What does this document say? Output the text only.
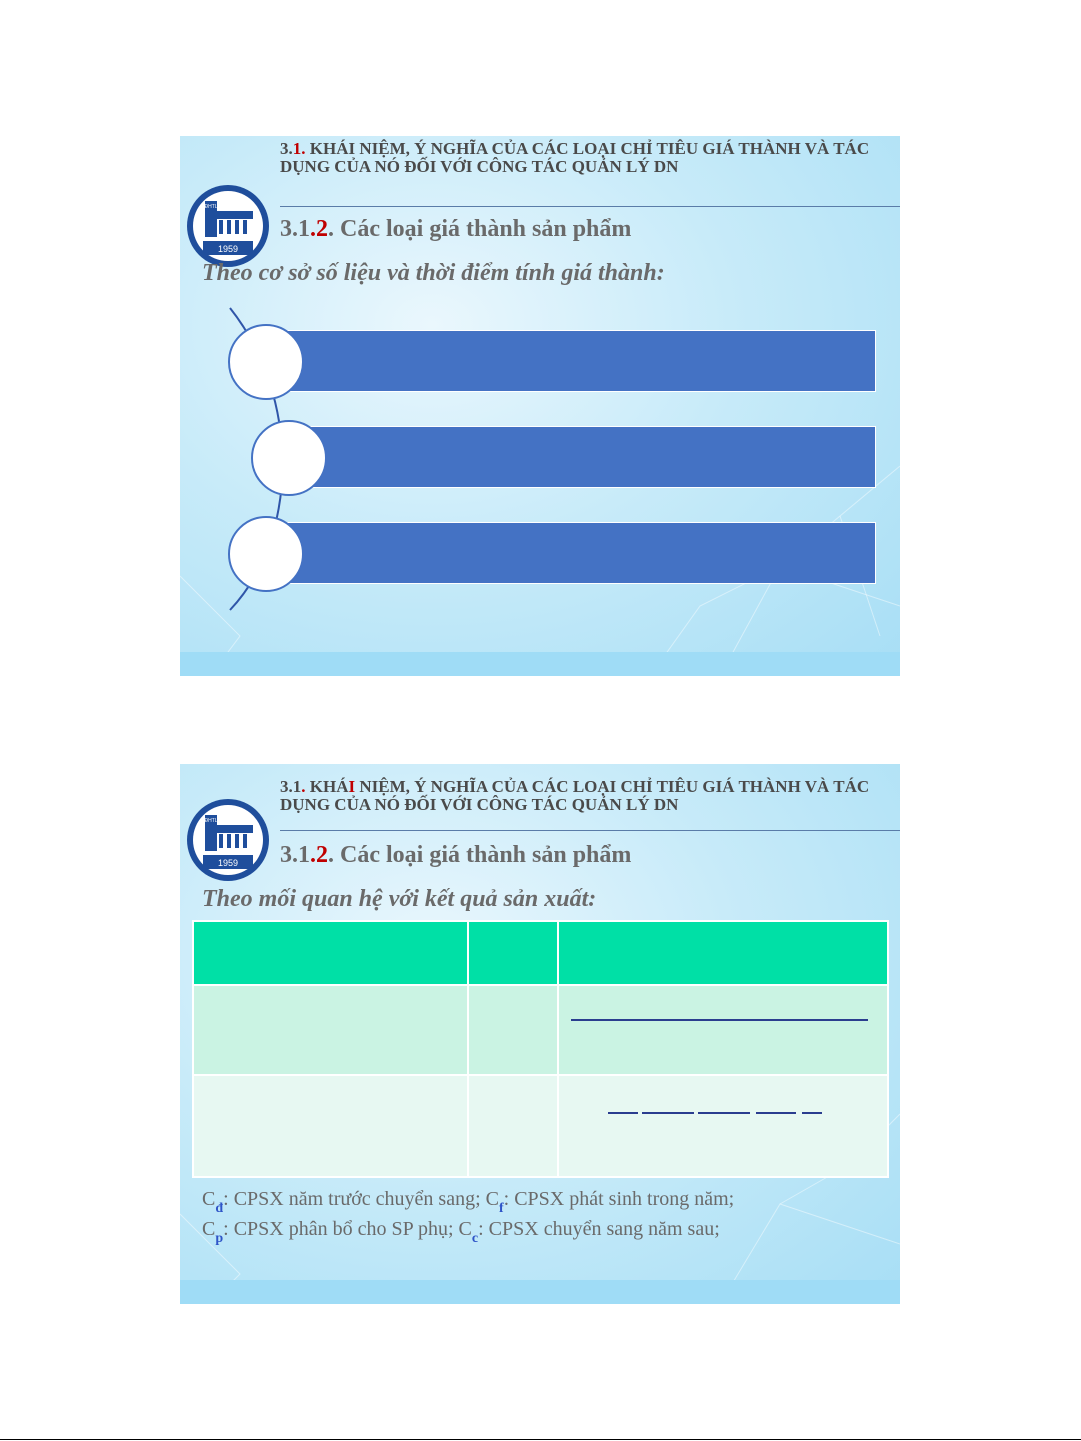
3.1. KHÁI NIỆM, Ý NGHĨA CỦA CÁC LOẠI CHỈ TIÊU GIÁ THÀNH VÀ TÁC DỤNG CỦA NÓ ĐỐI VỚI CÔNG TÁC QUẢN LÝ DN
1959
ĐHTL
3.1.2. Các loại giá thành sản phẩm
Theo cơ sở số liệu và thời điểm tính giá thành:
3.1. KHÁI NIỆM, Ý NGHĨA CỦA CÁC LOẠI CHỈ TIÊU GIÁ THÀNH VÀ TÁC DỤNG CỦA NÓ ĐỐI VỚI CÔNG TÁC QUẢN LÝ DN
1959
ĐHTL
3.1.2. Các loại giá thành sản phẩm
Theo mối quan hệ với kết quả sản xuất:

$C_đ$: CPSX năm trước chuyển sang; $C_f$: CPSX phát sinh trong năm;
$C_p$: CPSX phân bổ cho SP phụ; $C_c$: CPSX chuyển sang năm sau;
